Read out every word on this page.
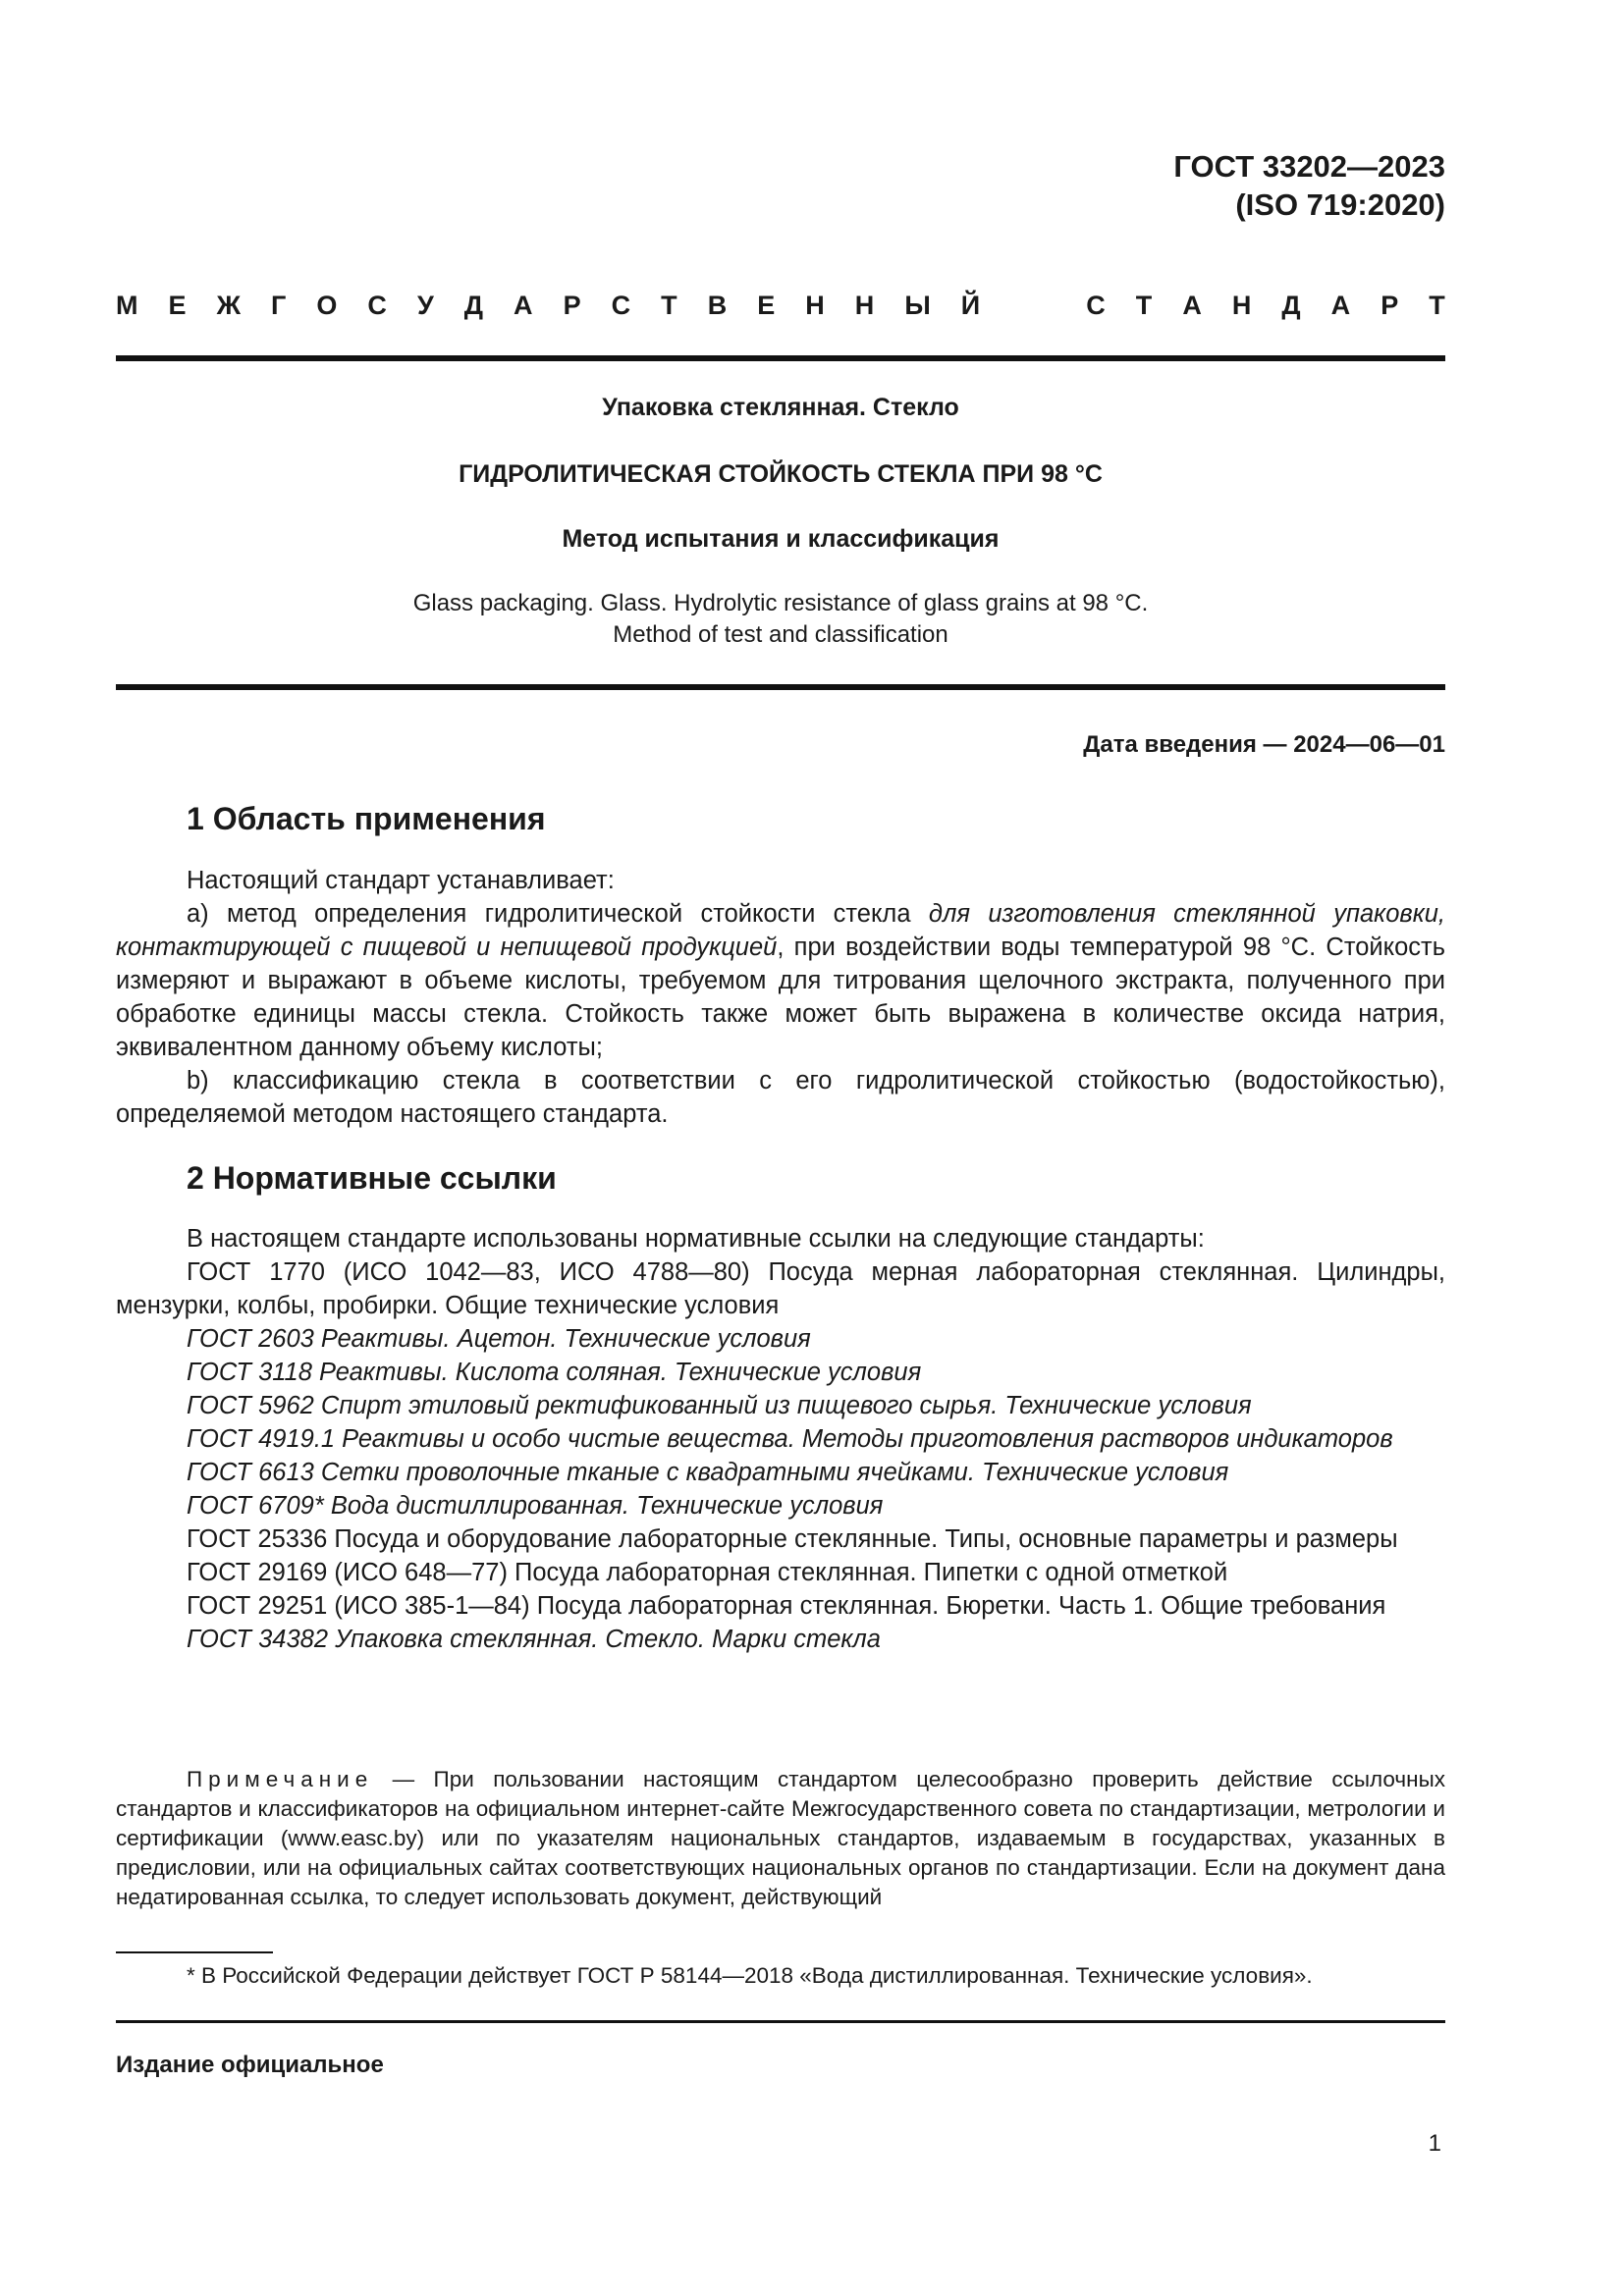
ГОСТ 33202—2023
(ISO 719:2020)
М Е Ж Г О С У Д А Р С Т В Е Н Н Ы Й	С Т А Н Д А Р Т
Упаковка стеклянная. Стекло
ГИДРОЛИТИЧЕСКАЯ СТОЙКОСТЬ СТЕКЛА ПРИ 98 °С
Метод испытания и классификация
Glass packaging. Glass. Hydrolytic resistance of glass grains at 98 °C.
Method of test and classification
Дата введения — 2024—06—01
1 Область применения

Настоящий стандарт устанавливает:

a) метод определения гидролитической стойкости стекла для изготовления стеклянной упаковки, контактирующей с пищевой и непищевой продукцией, при воздействии воды температурой 98 °С. Стойкость измеряют и выражают в объеме кислоты, требуемом для титрования щелочного экстракта, полученного при обработке единицы массы стекла. Стойкость также может быть выражена в количестве оксида натрия, эквивалентном данному объему кислоты;

b) классификацию стекла в соответствии с его гидролитической стойкостью (водостойкостью), определяемой методом настоящего стандарта.

2 Нормативные ссылки

В настоящем стандарте использованы нормативные ссылки на следующие стандарты:

ГОСТ 1770 (ИСО 1042—83, ИСО 4788—80) Посуда мерная лабораторная стеклянная. Цилиндры, мензурки, колбы, пробирки. Общие технические условия

ГОСТ 2603 Реактивы. Ацетон. Технические условия

ГОСТ 3118 Реактивы. Кислота соляная. Технические условия

ГОСТ 5962 Спирт этиловый ректификованный из пищевого сырья. Технические условия

ГОСТ 4919.1 Реактивы и особо чистые вещества. Методы приготовления растворов индикаторов

ГОСТ 6613 Сетки проволочные тканые с квадратными ячейками. Технические условия

ГОСТ 6709* Вода дистиллированная. Технические условия

ГОСТ 25336 Посуда и оборудование лабораторные стеклянные. Типы, основные параметры и размеры

ГОСТ 29169 (ИСО 648—77) Посуда лабораторная стеклянная. Пипетки с одной отметкой

ГОСТ 29251 (ИСО 385-1—84) Посуда лабораторная стеклянная. Бюретки. Часть 1. Общие требования

ГОСТ 34382 Упаковка стеклянная. Стекло. Марки стекла

Примечание — При пользовании настоящим стандартом целесообразно проверить действие ссылочных стандартов и классификаторов на официальном интернет-сайте Межгосударственного совета по стандартизации, метрологии и сертификации (www.easc.by) или по указателям национальных стандартов, издаваемым в государствах, указанных в предисловии, или на официальных сайтах соответствующих национальных органов по стандартизации. Если на документ дана недатированная ссылка, то следует использовать документ, действующий

* В Российской Федерации действует ГОСТ Р 58144—2018 «Вода дистиллированная. Технические условия».
Издание официальное
1
